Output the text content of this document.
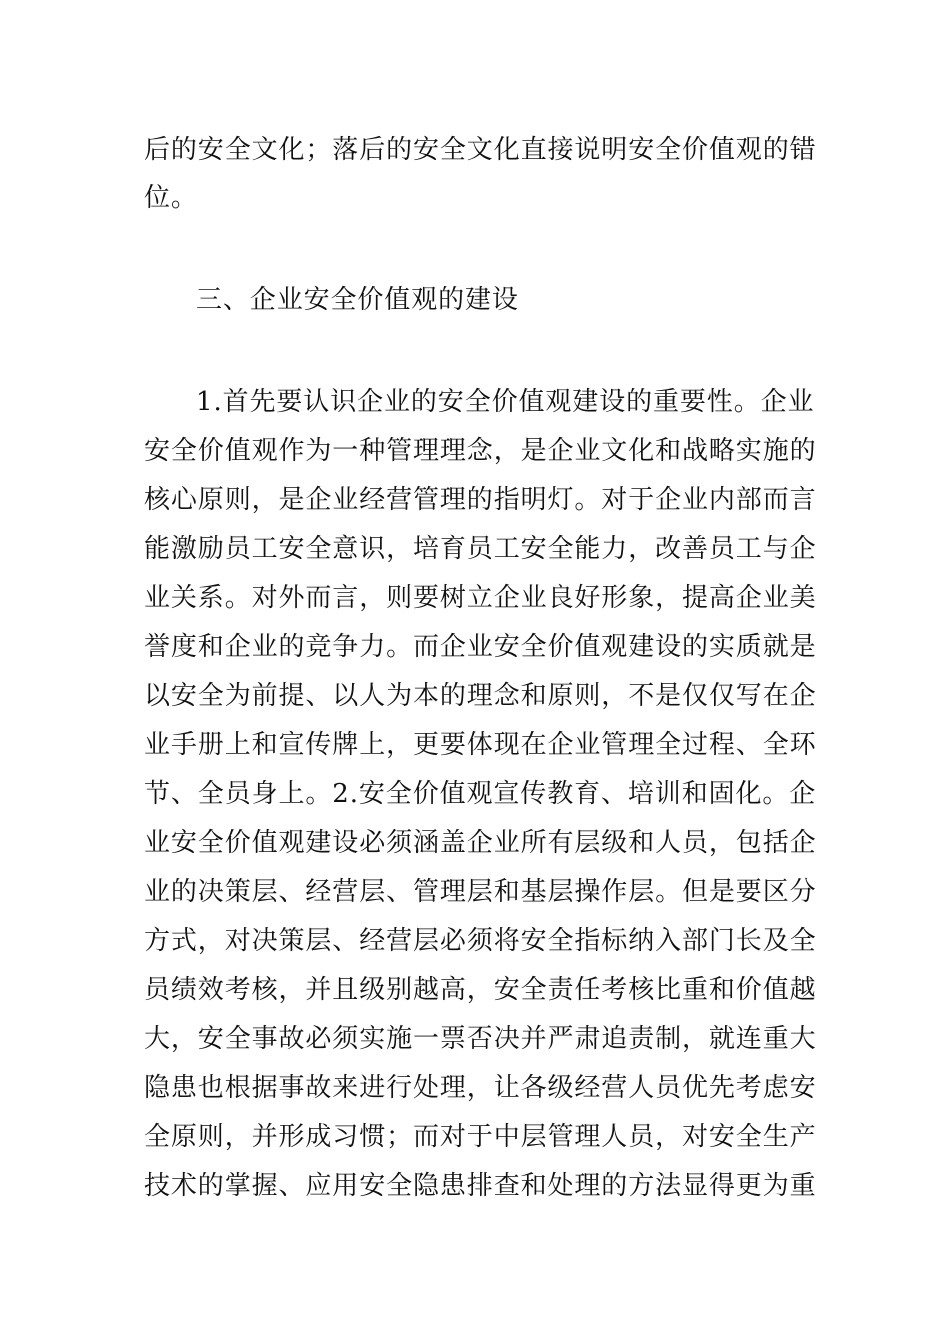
后的安全文化；落后的安全文化直接说明安全价值观的错
位。
三、企业安全价值观的建设
1.首先要认识企业的安全价值观建设的重要性。企业
安全价值观作为一种管理理念，是企业文化和战略实施的
核心原则，是企业经营管理的指明灯。对于企业内部而言
能激励员工安全意识，培育员工安全能力，改善员工与企
业关系。对外而言，则要树立企业良好形象，提高企业美
誉度和企业的竞争力。而企业安全价值观建设的实质就是
以安全为前提、以人为本的理念和原则，不是仅仅写在企
业手册上和宣传牌上，更要体现在企业管理全过程、全环
节、全员身上。2.安全价值观宣传教育、培训和固化。企
业安全价值观建设必须涵盖企业所有层级和人员，包括企
业的决策层、经营层、管理层和基层操作层。但是要区分
方式，对决策层、经营层必须将安全指标纳入部门长及全
员绩效考核，并且级别越高，安全责任考核比重和价值越
大，安全事故必须实施一票否决并严肃追责制，就连重大
隐患也根据事故来进行处理，让各级经营人员优先考虑安
全原则，并形成习惯；而对于中层管理人员，对安全生产
技术的掌握、应用安全隐患排查和处理的方法显得更为重
